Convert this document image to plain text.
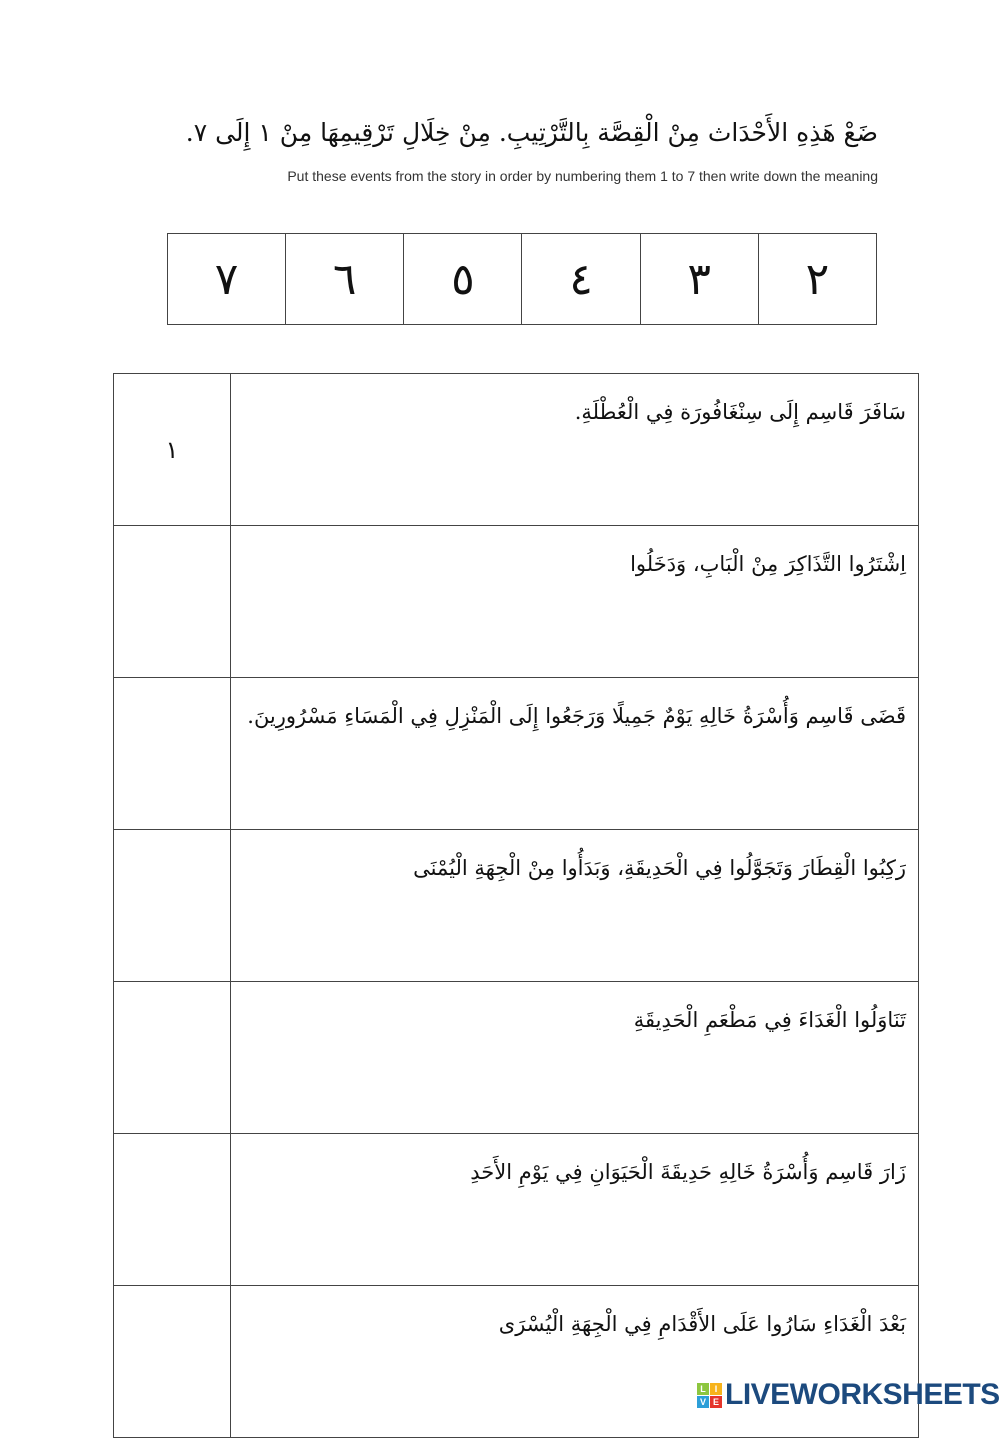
ضَعْ هَذِهِ الأَحْدَاث مِنْ الْقِصَّة بِالتَّرْتِيبِ. مِنْ خِلَالِ تَرْقِيمِهَا مِنْ ١ إِلَى ٧.
Put these events from the story in order by numbering them 1 to 7 then write down the meaning
٢
٣
٤
٥
٦
٧
١	سَافَرَ قَاسِم إِلَى سِنْغَافُورَة فِي الْعُطْلَةِ.
	اِشْتَرُوا التَّذَاكِرَ مِنْ الْبَابِ، وَدَخَلُوا
	قَضَى قَاسِم وَأُسْرَةُ خَالِهِ يَوْمٌ جَمِيلًا وَرَجَعُوا إِلَى الْمَنْزِلِ فِي الْمَسَاءِ مَسْرُورِينَ.
	رَكِبُوا الْقِطَارَ وَتَجَوَّلُوا فِي الْحَدِيقَةِ، وَبَدَأُوا مِنْ الْجِهَةِ الْيُمْنَى
	تَنَاوَلُوا الْغَدَاءَ فِي مَطْعَمِ الْحَدِيقَةِ
	زَارَ قَاسِم وَأُسْرَةُ خَالِهِ حَدِيقَةَ الْحَيَوَانِ فِي يَوْمِ الأَحَدِ
	بَعْدَ الْغَدَاءِ سَارُوا عَلَى الأَقْدَامِ فِي الْجِهَةِ الْيُسْرَى
L I
V E LIVEWORKSHEETS
